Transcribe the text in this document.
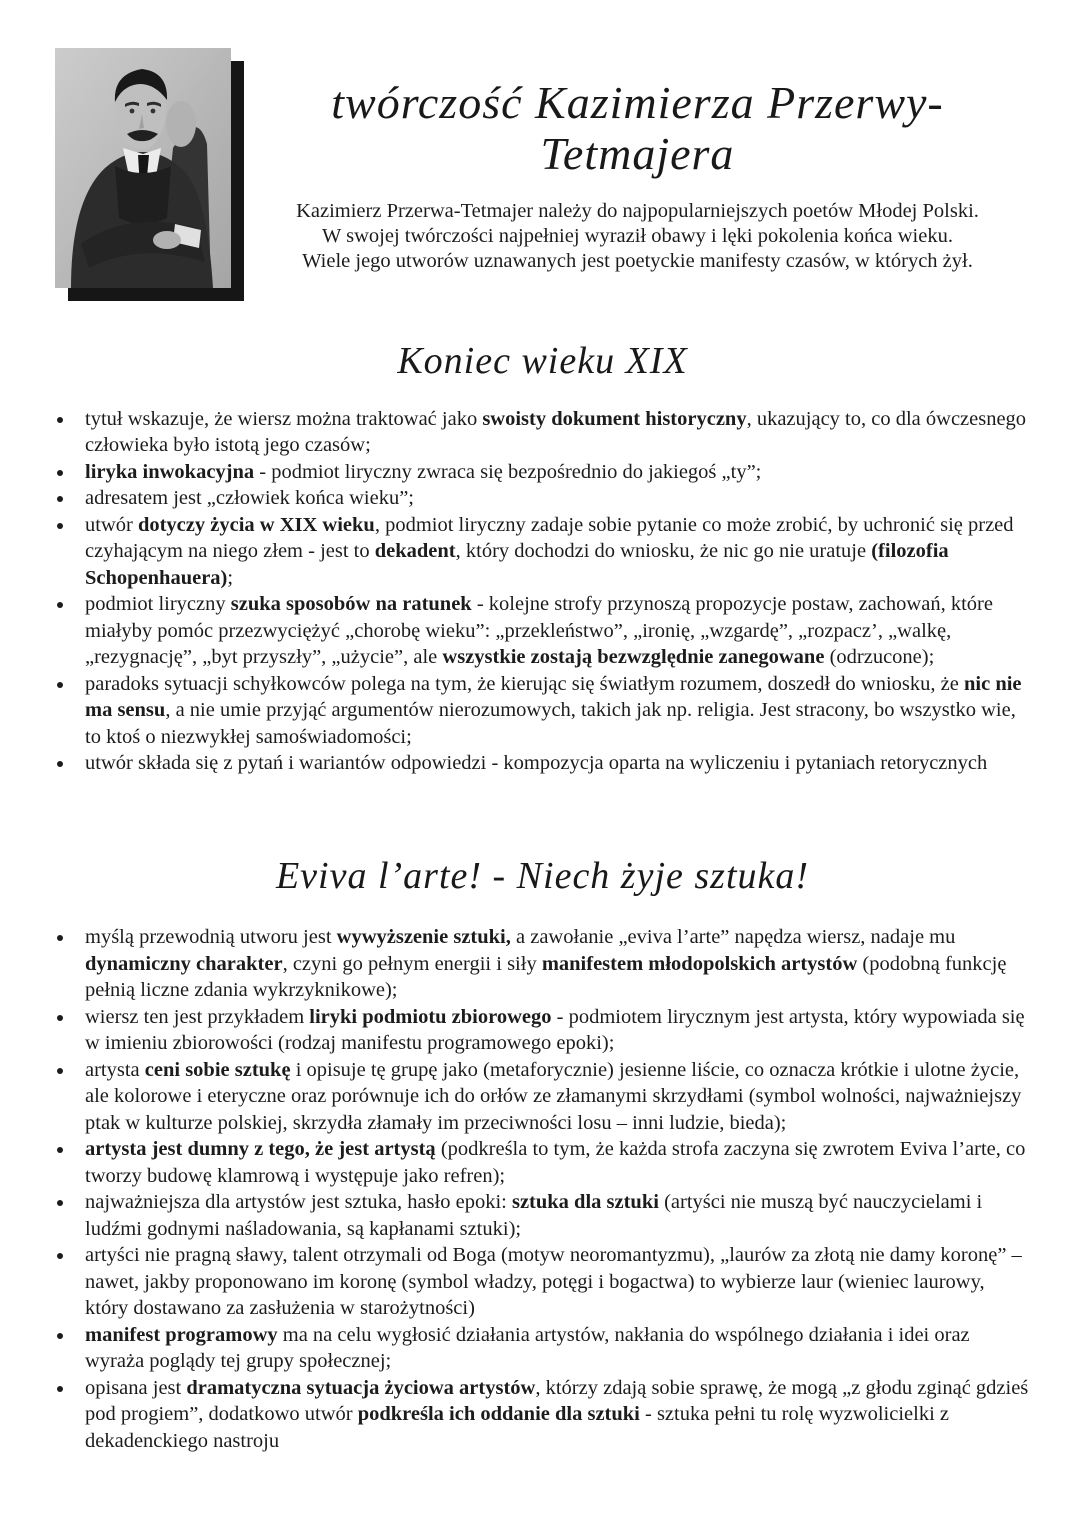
twórczość Kazimierza Przerwy-Tetmajera

Kazimierz Przerwa-Tetmajer należy do najpopularniejszych poetów Młodej Polski.

W swojej twórczości najpełniej wyraził obawy i lęki pokolenia końca wieku.

Wiele jego utworów uznawanych jest poetyckie manifesty czasów, w których żył.

Koniec wieku XIX
tytuł wskazuje, że wiersz można traktować jako swoisty dokument historyczny, ukazujący to, co dla ówczesnego człowieka było istotą jego czasów;
liryka inwokacyjna - podmiot liryczny zwraca się bezpośrednio do jakiegoś „ty”;
adresatem jest „człowiek końca wieku”;
utwór dotyczy życia w XIX wieku, podmiot liryczny zadaje sobie pytanie co może zrobić, by uchronić się przed czyhającym na niego złem - jest to dekadent, który dochodzi do wniosku, że nic go nie uratuje (filozofia Schopenhauera);
podmiot liryczny szuka sposobów na ratunek - kolejne strofy przynoszą propozycje postaw, zachowań, które miałyby pomóc przezwyciężyć „chorobę wieku”: „przekleństwo”, „ironię, „wzgardę”, „rozpacz’, „walkę, „rezygnację”, „byt przyszły”, „użycie”, ale wszystkie zostają bezwzględnie zanegowane (odrzucone);
paradoks sytuacji schyłkowców polega na tym, że kierując się światłym rozumem, doszedł do wniosku, że nic nie ma sensu, a nie umie przyjąć argumentów nierozumowych, takich jak np. religia. Jest stracony, bo wszystko wie, to ktoś o niezwykłej samoświadomości;
utwór składa się z pytań i wariantów odpowiedzi - kompozycja oparta na wyliczeniu i pytaniach retorycznych
Eviva l’arte! - Niech żyje sztuka!
myślą przewodnią utworu jest wywyższenie sztuki, a zawołanie „eviva l’arte” napędza wiersz, nadaje mu dynamiczny charakter, czyni go pełnym energii i siły manifestem młodopolskich artystów (podobną funkcję pełnią liczne zdania wykrzyknikowe);
wiersz ten jest przykładem liryki podmiotu zbiorowego - podmiotem lirycznym jest artysta, który wypowiada się w imieniu zbiorowości (rodzaj manifestu programowego epoki);
artysta ceni sobie sztukę i opisuje tę grupę jako (metaforycznie) jesienne liście, co oznacza krótkie i ulotne życie, ale kolorowe i eteryczne oraz porównuje ich do orłów ze złamanymi skrzydłami (symbol wolności, najważniejszy ptak w kulturze polskiej, skrzydła złamały im przeciwności losu – inni ludzie, bieda);
artysta jest dumny z tego, że jest artystą (podkreśla to tym, że każda strofa zaczyna się zwrotem Eviva l’arte, co tworzy budowę klamrową i występuje jako refren);
najważniejsza dla artystów jest sztuka, hasło epoki: sztuka dla sztuki (artyści nie muszą być nauczycielami i ludźmi godnymi naśladowania, są kapłanami sztuki);
artyści nie pragną sławy, talent otrzymali od Boga (motyw neoromantyzmu), „laurów za złotą nie damy koronę” – nawet, jakby proponowano im koronę (symbol władzy, potęgi i bogactwa) to wybierze laur (wieniec laurowy, który dostawano za zasłużenia w starożytności)
manifest programowy ma na celu wygłosić działania artystów, nakłania do wspólnego działania i idei oraz wyraża poglądy tej grupy społecznej;
opisana jest dramatyczna sytuacja życiowa artystów, którzy zdają sobie sprawę, że mogą „z głodu zginąć gdzieś pod progiem”, dodatkowo utwór podkreśla ich oddanie dla sztuki - sztuka pełni tu rolę wyzwolicielki z dekadenckiego nastroju
